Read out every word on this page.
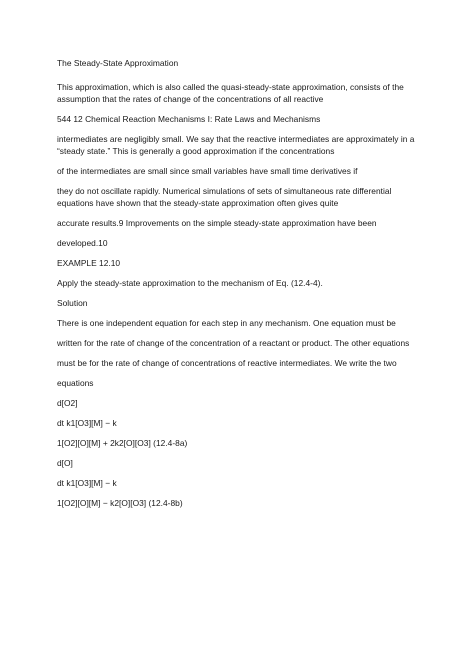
The Steady-State Approximation

This approximation, which is also called the quasi-steady-state approximation, consists of the

assumption that the rates of change of the concentrations of all reactive

544 12 Chemical Reaction Mechanisms I: Rate Laws and Mechanisms

intermediates are negligibly small. We say that the reactive intermediates are approximately in a

“steady state.” This is generally a good approximation if the concentrations

of the intermediates are small since small variables have small time derivatives if

they do not oscillate rapidly. Numerical simulations of sets of simultaneous rate differential

equations have shown that the steady-state approximation often gives quite

accurate results.9 Improvements on the simple steady-state approximation have been

developed.10

EXAMPLE 12.10

Apply the steady-state approximation to the mechanism of Eq. (12.4-4).

Solution

There is one independent equation for each step in any mechanism. One equation must be

written for the rate of change of the concentration of a reactant or product. The other equations

must be for the rate of change of concentrations of reactive intermediates. We write the two

equations

d[O2]

dt k1[O3][M] − k

1[O2][O][M] + 2k2[O][O3] (12.4-8a)

d[O]

dt k1[O3][M] − k

1[O2][O][M] − k2[O][O3] (12.4-8b)
